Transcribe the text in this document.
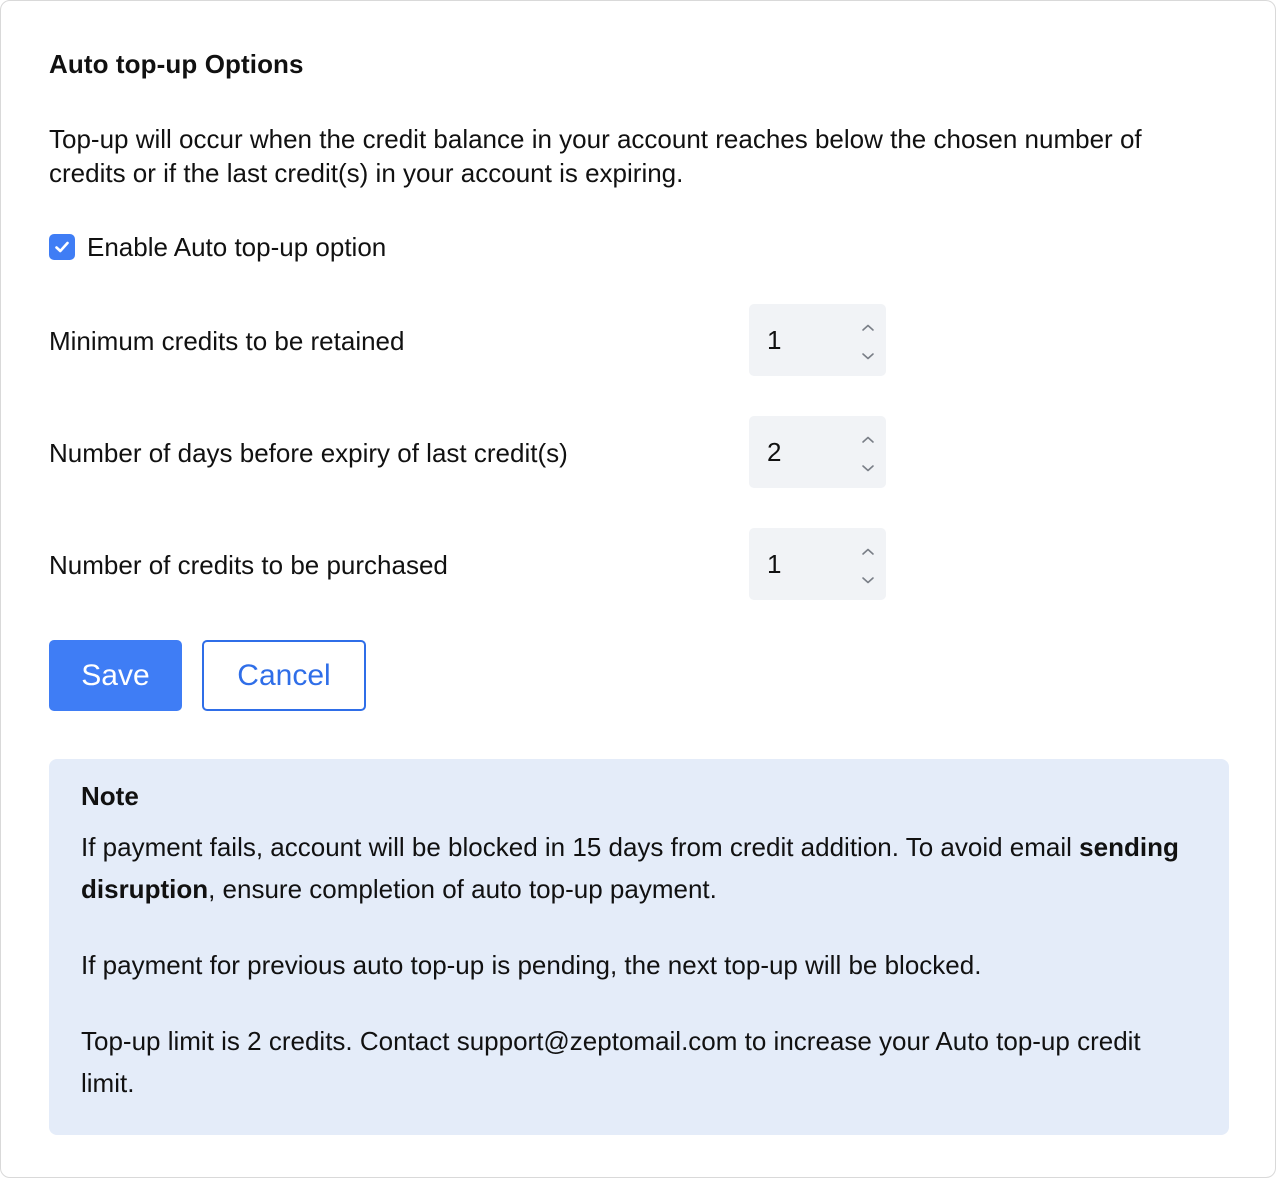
Auto top-up Options
Top-up will occur when the credit balance in your account reaches below the chosen number of credits or if the last credit(s) in your account is expiring.
Enable Auto top-up option
Minimum credits to be retained	1
Number of days before expiry of last credit(s)	2
Number of credits to be purchased	1
Save	Cancel
Note
If payment fails, account will be blocked in 15 days from credit addition. To avoid email sending disruption, ensure completion of auto top-up payment.
If payment for previous auto top-up is pending, the next top-up will be blocked.
Top-up limit is 2 credits. Contact support@zeptomail.com to increase your Auto top-up credit limit.
